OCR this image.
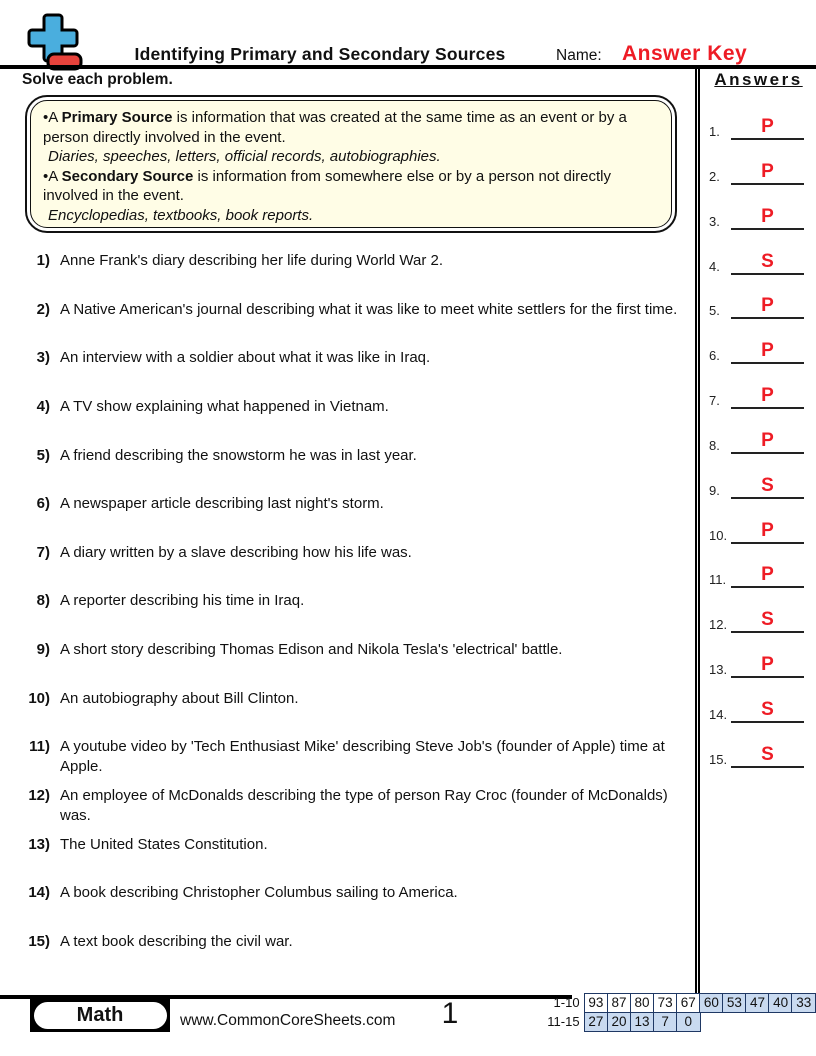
Identifying Primary and Secondary Sources	Name: Answer Key
Solve each problem.
•A Primary Source is information that was created at the same time as an event or by a person directly involved in the event.
Diaries, speeches, letters, official records, autobiographies.
•A Secondary Source is information from somewhere else or by a person not directly involved in the event.
Encyclopedias, textbooks, book reports.
1) Anne Frank's diary describing her life during World War 2.
2) A Native American's journal describing what it was like to meet white settlers for the first time.
3) An interview with a soldier about what it was like in Iraq.
4) A TV show explaining what happened in Vietnam.
5) A friend describing the snowstorm he was in last year.
6) A newspaper article describing last night's storm.
7) A diary written by a slave describing how his life was.
8) A reporter describing his time in Iraq.
9) A short story describing Thomas Edison and Nikola Tesla's 'electrical' battle.
10) An autobiography about Bill Clinton.
11) A youtube video by 'Tech Enthusiast Mike' describing Steve Job's (founder of Apple) time at Apple.
12) An employee of McDonalds describing the type of person Ray Croc (founder of McDonalds) was.
13) The United States Constitution.
14) A book describing Christopher Columbus sailing to America.
15) A text book describing the civil war.
Answers
1. P
2. P
3. P
4. S
5. P
6. P
7. P
8. P
9. S
10. P
11. P
12. S
13. P
14. S
15. S
Math	www.CommonCoreSheets.com	1	1-10 93 87 80 73 67 60 53 47 40 33
11-15 27 20 13 7	0
